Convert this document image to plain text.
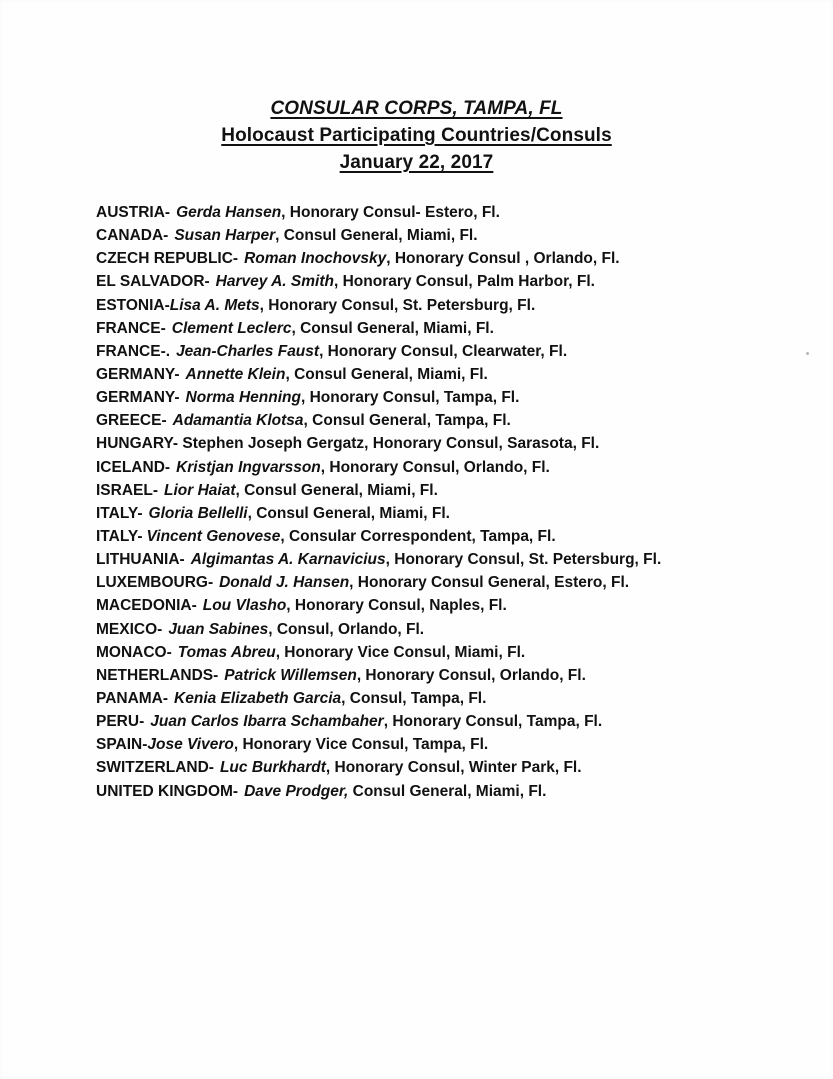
CONSULAR CORPS, TAMPA, FL
Holocaust Participating Countries/Consuls
January 22, 2017
AUSTRIA- Gerda Hansen, Honorary Consul- Estero, Fl.
CANADA- Susan Harper, Consul General, Miami, Fl.
CZECH REPUBLIC- Roman Inochovsky, Honorary Consul , Orlando, Fl.
EL SALVADOR- Harvey A. Smith, Honorary Consul, Palm Harbor, Fl.
ESTONIA-Lisa A. Mets, Honorary Consul, St. Petersburg, Fl.
FRANCE- Clement Leclerc, Consul General, Miami, Fl.
FRANCE-. Jean-Charles Faust, Honorary Consul, Clearwater, Fl.
GERMANY- Annette Klein, Consul General, Miami, Fl.
GERMANY- Norma Henning, Honorary Consul, Tampa, Fl.
GREECE- Adamantia Klotsa, Consul General, Tampa, Fl.
HUNGARY- Stephen Joseph Gergatz, Honorary Consul, Sarasota, Fl.
ICELAND- Kristjan Ingvarsson, Honorary Consul, Orlando, Fl.
ISRAEL- Lior Haiat, Consul General, Miami, Fl.
ITALY- Gloria Bellelli, Consul General, Miami, Fl.
ITALY- Vincent Genovese, Consular Correspondent, Tampa, Fl.
LITHUANIA- Algimantas A. Karnavicius, Honorary Consul, St. Petersburg, Fl.
LUXEMBOURG- Donald J. Hansen, Honorary Consul General, Estero, Fl.
MACEDONIA- Lou Vlasho, Honorary Consul, Naples, Fl.
MEXICO- Juan Sabines, Consul, Orlando, Fl.
MONACO- Tomas Abreu, Honorary Vice Consul, Miami, Fl.
NETHERLANDS- Patrick Willemsen, Honorary Consul, Orlando, Fl.
PANAMA- Kenia Elizabeth Garcia, Consul, Tampa, Fl.
PERU- Juan Carlos Ibarra Schambaher, Honorary Consul, Tampa, Fl.
SPAIN-Jose Vivero, Honorary Vice Consul, Tampa, Fl.
SWITZERLAND- Luc Burkhardt, Honorary Consul, Winter Park, Fl.
UNITED KINGDOM- Dave Prodger, Consul General, Miami, Fl.
